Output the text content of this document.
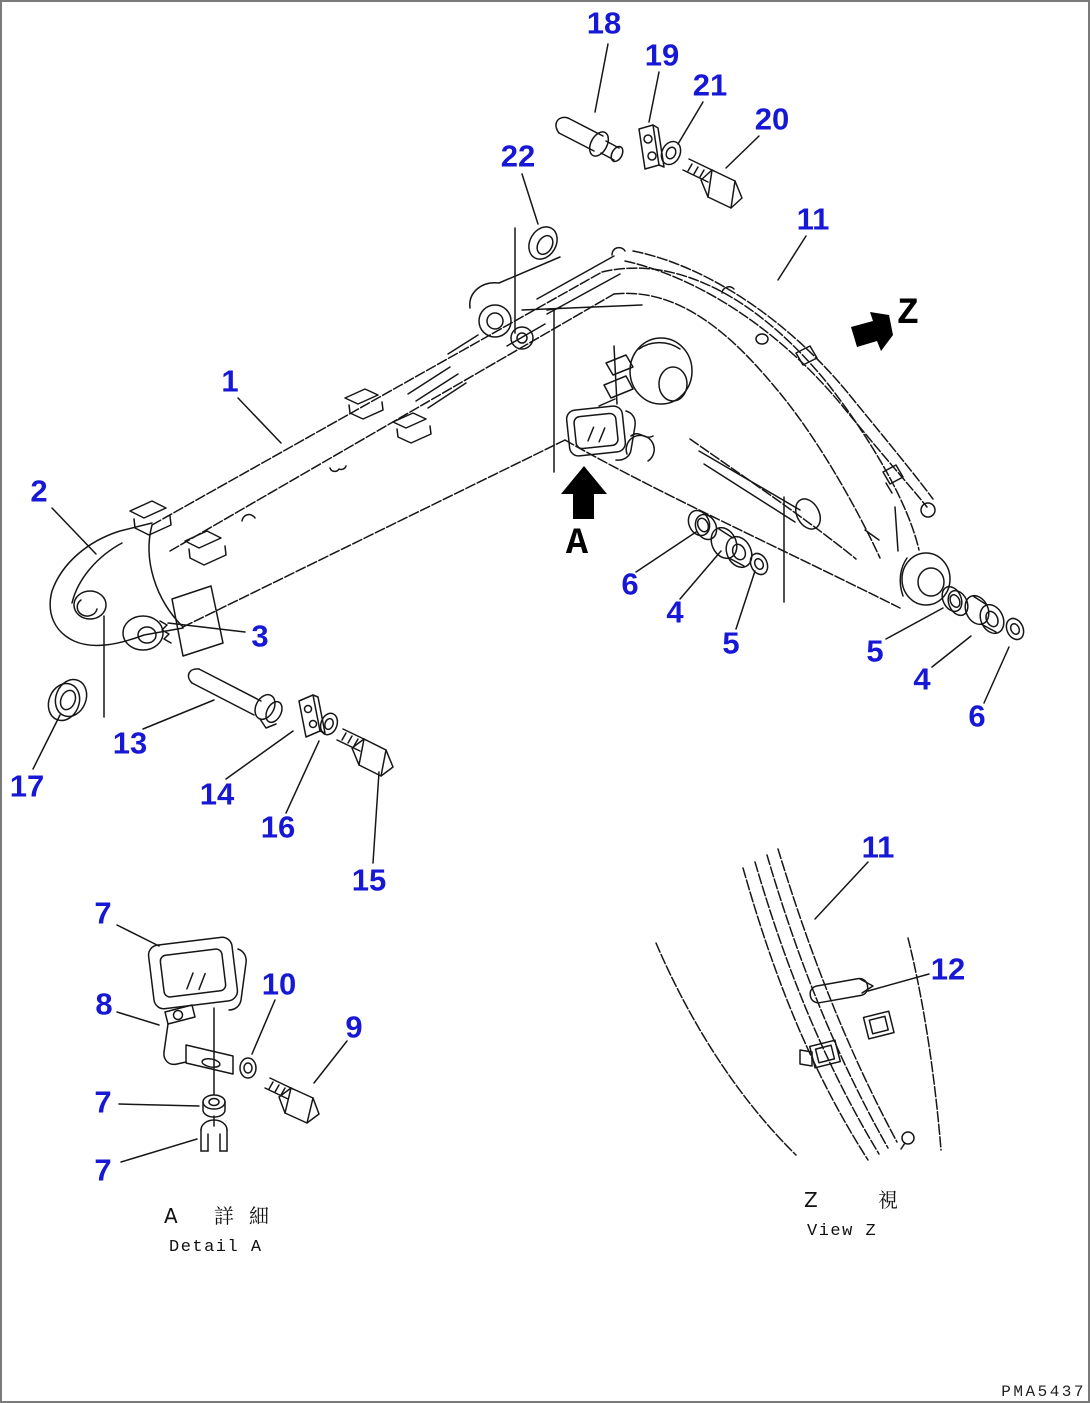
A
Z
18
19
21
20
22
11
1
2
3
6
4
5	5
4
6
13
17	14
16
15
7
11
12
8
10
9
7
7
A 詳細
Detail A
Z 視
View Z
PMA5437
